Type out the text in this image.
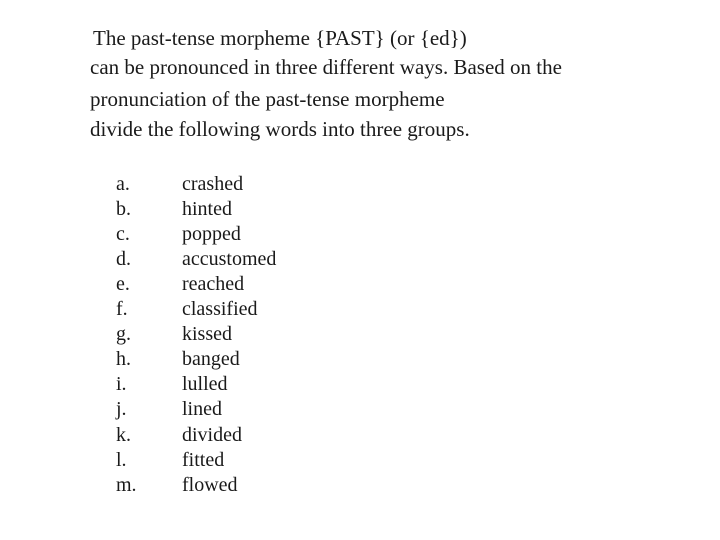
The past-tense morpheme {PAST} (or {ed})
can be pronounced in three different ways. Based on the
pronunciation of the past-tense morpheme
divide the following words into three groups.
a.	crashed
b.	hinted
c.	popped
d.	accustomed
e.	reached
f.	classified
g.	kissed
h.	banged
i.	lulled
j.	lined
k.	divided
l.	fitted
m. flowed
